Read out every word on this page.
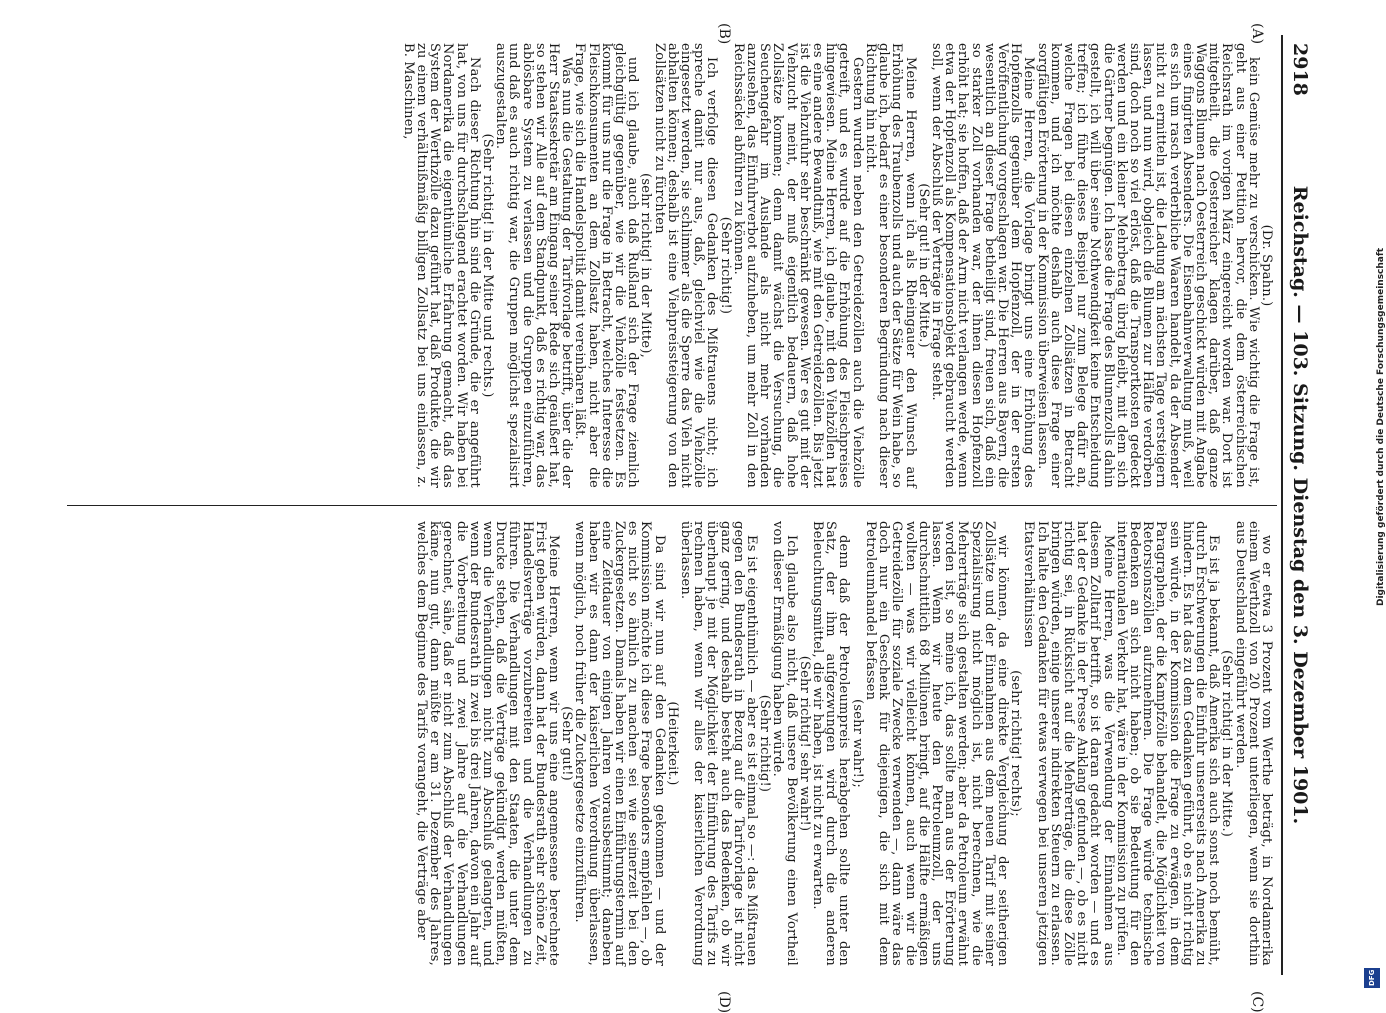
2918
Reichstag. — 103. Sitzung. Dienstag den 3. Dezember 1901.
(A)
(B)
(C)
(D)

(Dr. Spahn.)

kein Gemüse mehr zu verschicken. Wie wichtig die Frage ist, geht aus einer Petition hervor, die dem österreichischen Reichsrath im vorigen März eingereicht worden war. Dort ist mitgetheilt, die Oesterreicher klagen darüber, daß ganze Waggons Blumen nach Oesterreich geschickt würden mit Angabe eines fingirten Absenders. Die Eisenbahnverwaltung muß, weil es sich um rasch verderbliche Waaren handelt, da der Absender nicht zu ermitteln ist, die Ladung am nächsten Tage versteigern lassen, und nun wird, obgleich die Blumen zur Hälfte verdorben sind, doch noch so viel erlöst, daß die Transportkosten gedeckt werden und ein kleiner Mehrbetrag übrig bleibt, mit dem sich die Gärtner begnügen. Ich lasse die Frage des Blumenzolls dahin gestellt, ich will über seine Nothwendigkeit keine Entscheidung treffen; ich führe dieses Beispiel nur zum Belege dafür an, welche Fragen bei diesen einzelnen Zollsätzen in Betracht kommen, und ich möchte deshalb auch diese Frage einer sorgfältigen Erörterung in der Kommission überweisen lassen.

Meine Herren, die Vorlage bringt uns eine Erhöhung des Hopfenzolls gegenüber dem Hopfenzoll, der in der ersten Veröffentlichung vorgeschlagen war. Die Herren aus Bayern, die wesentlich an dieser Frage betheiligt sind, freuen sich, daß ein so starker Zoll vorhanden war, der ihnen diesen Hopfenzoll erhöht hat; sie hoffen, daß der Arm nicht verlangen werde, wenn etwa der Hopfenzoll als Kompensationsobjekt gebraucht werden soll, wenn der Abschluß der Verträge in Frage steht.

(Sehr gut! in der Mitte.)

Meine Herren, wenn ich als Rheingauer den Wunsch auf Erhöhung des Traubenzolls und auch der Sätze für Wein habe, so glaube ich, bedarf es einer besonderen Begründung nach dieser Richtung hin nicht.

Gestern wurden neben den Getreidezöllen auch die Viehzölle getreift, und es wurde auf die Erhöhung des Fleischpreises hingewiesen. Meine Herren, ich glaube, mit den Viehzöllen hat es eine andere Bewandtniß, wie mit den Getreidezöllen. Bis jetzt ist die Viehzufuhr sehr beschränkt gewesen. Wer es gut mit der Viehzucht meint, der muß eigentlich bedauern, daß hohe Zollsätze kommen; denn damit wächst die Versuchung, die Seuchengefahr im Auslande als nicht mehr vorhanden anzusehen, das Einfuhrverbot aufzuheben, um mehr Zoll in den Reichssäckel abführen zu können.

(Sehr richtig!)

Ich verfolge diesen Gedanken des Mißtrauens nicht; ich spreche damit nur aus, daß, gleichviel wie die Viehzölle eingesetzt werden, sie schlimmer als die Sperre das Vieh nicht abhalten können; deshalb ist eine Viehpreissteigerung von den Zollsätzen nicht zu fürchten

(sehr richtig! in der Mitte),

und ich glaube, auch daß Rußland sich der Frage ziemlich gleichgültig gegenüber, wie wir die Viehzölle festsetzen. Es kommt für uns nur die Frage in Betracht, welches Interesse die Fleischkonsumenten an dem Zollsatz haben, nicht aber die Frage, wie sich die Handelspolitik damit vereinbaren läßt.

Was nun die Gestaltung der Tarifvorlage betrifft, über die der Herr Staatssekretär am Eingang seiner Rede sich geäußert hat, so stehen wir Alle auf dem Standpunkt, daß es richtig war, das ablösbare System zu verlassen und die Gruppen einzuführen, und daß es auch richtig war, die Gruppen möglichst spezialisirt auszugestalten.

(Sehr richtig! in der Mitte und rechts.)

Nach dieser Richtung hin sind die Gründe, die er angeführt hat, von uns für durchschlagend erachtet worden. Wir haben bei Nordamerika die eigenthümliche Erfahrung gemacht, daß das System der Werthzölle dazu geführt hat, daß Produkte, die wir zu einem verhältnißmäßig billigen Zollsatz bei uns einlassen, z. B. Maschinen,

wo er etwa 3 Prozent vom Werthe beträgt, in Nordamerika einem Werthzoll von 20 Prozent unterliegen, wenn sie dorthin aus Deutschland eingeführt werden.

(Sehr richtig! in der Mitte.)

Es ist ja bekannt, daß Amerika sich auch sonst noch bemüht, durch Erschwerungen die Einfuhr unsererseits nach Amerika zu hindern. Es hat das zu dem Gedanken geführt, ob es nicht richtig sein würde, in der Kommission die Frage zu erwägen, in dem Paragraphen, der die Kampfzölle behandelt, die Möglichkeit von Retorsionszöllen aufzunehmen. Die Frage würde technische Bedenken an sich nicht haben; ob sie Bedeutung für den internationalen Verkehr hat, wäre in der Kommission zu prüfen.

Meine Herren, was die Verwendung der Einnahmen aus diesem Zolltarif betrifft, so ist daran gedacht worden — und es hat der Gedanke in der Presse Anklang gefunden —, ob es nicht richtig sei, in Rücksicht auf die Mehrerträge, die diese Zölle bringen würden, einige unserer indirekten Steuern zu erlassen. Ich halte den Gedanken für etwas verwegen bei unseren jetzigen Etatsverhältnissen

(sehr richtig! rechts);

wir können, da eine direkte Vergleichung der seitherigen Zollsätze und der Einnahmen aus dem neuen Tarif mit seiner Spezialisirung nicht möglich ist, nicht berechnen, wie die Mehrerträge sich gestalten werden; aber da Petroleum erwähnt worden ist, so meine ich, das sollte man aus der Erörterung lassen. Wenn wir heute den Petroleumzoll, der uns durchschnittlich 68 Millionen bringt, auf die Hälfte ermäßigen wollten — was wir vielleicht können, auch wenn wir die Getreidezölle für soziale Zwecke verwenden —, dann wäre das doch nur ein Geschenk für diejenigen, die sich mit dem Petroleumhandel befassen

(sehr wahr!);

denn daß der Petroleumpreis herabgehen sollte unter den Satz, der ihm aufgezwungen wird durch die anderen Beleuchtungsmittel, die wir haben, ist nicht zu erwarten.

(Sehr richtig! sehr wahr!)

Ich glaube also nicht, daß unsere Bevölkerung einen Vortheil von dieser Ermäßigung haben würde.

(Sehr richtig!)

Es ist eigenthümlich — aber es ist einmal so —: das Mißtrauen gegen den Bundesrath in Bezug auf die Tarifvorlage ist nicht ganz gering, und deshalb besteht auch das Bedenken, ob wir überhaupt je mit der Möglichkeit der Einführung des Tarifs zu rechnen haben, wenn wir alles der kaiserlichen Verordnung überlassen.

(Heiterkeit.)

Da sind wir nun auf den Gedanken gekommen — und der Kommission möchte ich diese Frage besonders empfehlen —, ob es nicht so ähnlich zu machen sei wie seinerzeit bei den Zuckergesetzen. Damals haben wir einen Einführungstermin auf eine Zeitdauer von einigen Jahren vorausbestimmt; daneben haben wir es dann der kaiserlichen Verordnung überlassen, wenn möglich, noch früher die Zuckergesetze einzuführen.

(Sehr gut!)

Meine Herren, wenn wir uns eine angemessene berechnete Frist geben würden, dann hat der Bundesrath sehr schöne Zeit, Handelsverträge vorzubereiten und die Verhandlungen zu führen. Die Verhandlungen mit den Staaten, die unter dem Drucke stehen, daß die Verträge gekündigt werden müßten, wenn die Verhandlungen nicht zum Abschluß gelangten, und wenn der Bundesrath in zwei bis drei Jahren, davon ein Jahr auf die Vorbereitung und zwei Jahre auf die Verhandlungen gerechnet, sähe, daß er nicht zum Abschluß der Verhandlungen käme, nun gut, dann müßte er am 31. Dezember des Jahres, welches dem Beginne des Tarifs vorangeht, die Verträge aber

Digitalisierung gefördert durch die Deutsche Forschungsgemeinschaft
DFG
